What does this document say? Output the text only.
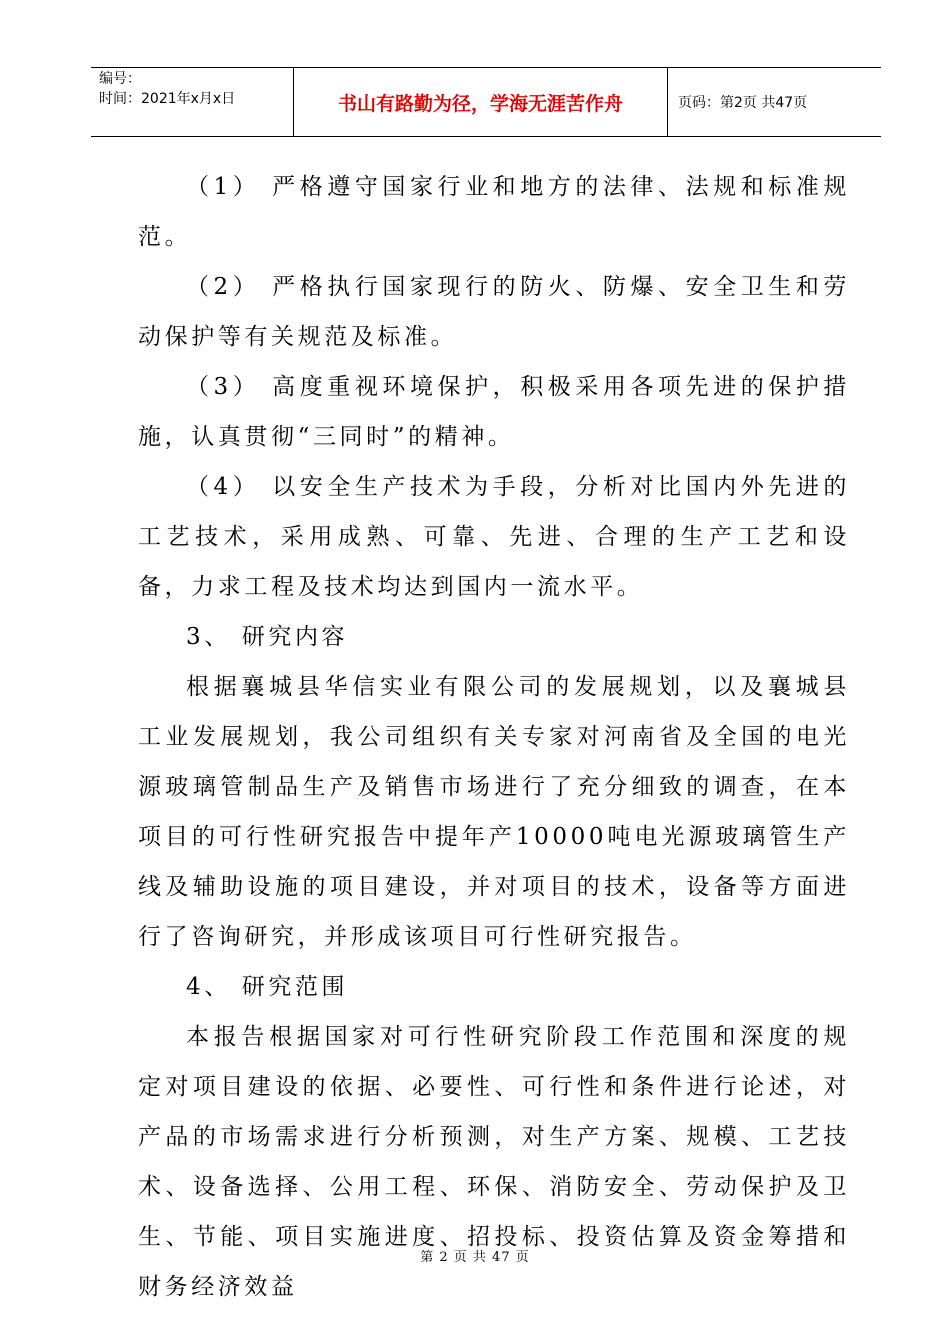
编号：
时间：2021年x月x日	书山有路勤为径，学海无涯苦作舟	页码：第2页 共47页

（1） 严格遵守国家行业和地方的法律、法规和标准规范。

（2） 严格执行国家现行的防火、防爆、安全卫生和劳动保护等有关规范及标准。

（3） 高度重视环境保护，积极采用各项先进的保护措施，认真贯彻“三同时”的精神。

（4） 以安全生产技术为手段，分析对比国内外先进的工艺技术，采用成熟、可靠、先进、合理的生产工艺和设备，力求工程及技术均达到国内一流水平。

3、 研究内容

根据襄城县华信实业有限公司的发展规划，以及襄城县工业发展规划，我公司组织有关专家对河南省及全国的电光源玻璃管制品生产及销售市场进行了充分细致的调查，在本项目的可行性研究报告中提年产10000吨电光源玻璃管生产线及辅助设施的项目建设，并对项目的技术，设备等方面进行了咨询研究，并形成该项目可行性研究报告。

4、 研究范围

本报告根据国家对可行性研究阶段工作范围和深度的规定对项目建设的依据、必要性、可行性和条件进行论述，对产品的市场需求进行分析预测，对生产方案、规模、工艺技术、设备选择、公用工程、环保、消防安全、劳动保护及卫生、节能、项目实施进度、招投标、投资估算及资金筹措和财务经济效益

第 2 页 共 47 页
